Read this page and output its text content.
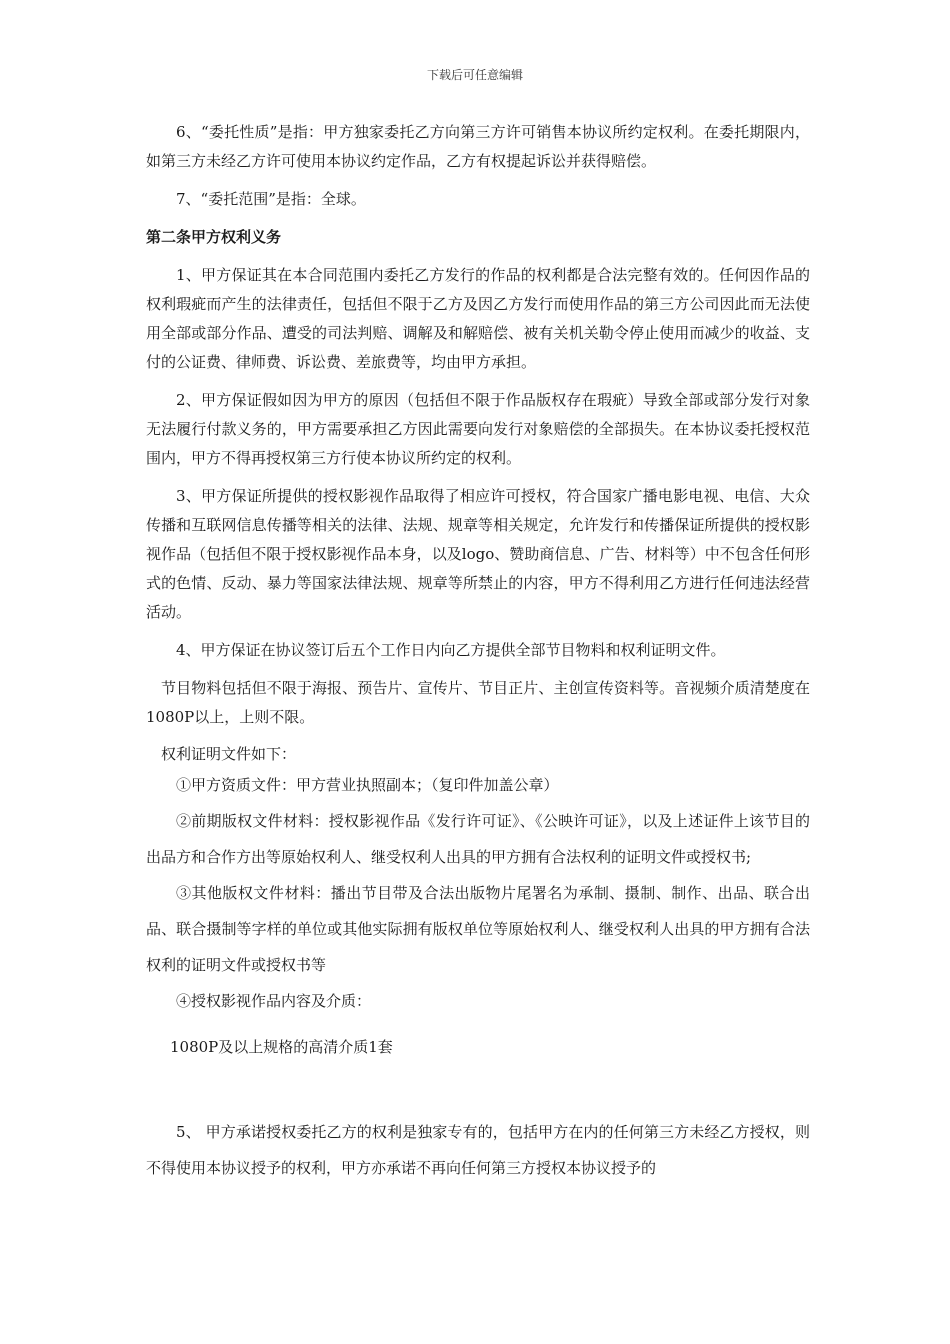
下载后可任意编辑

6、“委托性质”是指：甲方独家委托乙方向第三方许可销售本协议所约定权利。在委托期限内，如第三方未经乙方许可使用本协议约定作品，乙方有权提起诉讼并获得赔偿。

7、“委托范围”是指：全球。

第二条甲方权利义务

1、甲方保证其在本合同范围内委托乙方发行的作品的权利都是合法完整有效的。任何因作品的权利瑕疵而产生的法律责任，包括但不限于乙方及因乙方发行而使用作品的第三方公司因此而无法使用全部或部分作品、遭受的司法判赔、调解及和解赔偿、被有关机关勒令停止使用而减少的收益、支付的公证费、律师费、诉讼费、差旅费等，均由甲方承担。

2、甲方保证假如因为甲方的原因（包括但不限于作品版权存在瑕疵）导致全部或部分发行对象无法履行付款义务的，甲方需要承担乙方因此需要向发行对象赔偿的全部损失。在本协议委托授权范围内，甲方不得再授权第三方行使本协议所约定的权利。

3、甲方保证所提供的授权影视作品取得了相应许可授权，符合国家广播电影电视、电信、大众传播和互联网信息传播等相关的法律、法规、规章等相关规定，允许发行和传播保证所提供的授权影视作品（包括但不限于授权影视作品本身，以及logo、赞助商信息、广告、材料等）中不包含任何形式的色情、反动、暴力等国家法律法规、规章等所禁止的内容，甲方不得利用乙方进行任何违法经营活动。

4、甲方保证在协议签订后五个工作日内向乙方提供全部节目物料和权利证明文件。

节目物料包括但不限于海报、预告片、宣传片、节目正片、主创宣传资料等。音视频介质清楚度在1080P以上，上则不限。

权利证明文件如下：

①甲方资质文件：甲方营业执照副本；（复印件加盖公章）

②前期版权文件材料：授权影视作品《发行许可证》、《公映许可证》，以及上述证件上该节目的出品方和合作方出等原始权利人、继受权利人出具的甲方拥有合法权利的证明文件或授权书;

③其他版权文件材料：播出节目带及合法出版物片尾署名为承制、摄制、制作、出品、联合出品、联合摄制等字样的单位或其他实际拥有版权单位等原始权利人、继受权利人出具的甲方拥有合法权利的证明文件或授权书等

④授权影视作品内容及介质：

1080P及以上规格的高清介质1套

5、 甲方承诺授权委托乙方的权利是独家专有的，包括甲方在内的任何第三方未经乙方授权，则不得使用本协议授予的权利，甲方亦承诺不再向任何第三方授权本协议授予的
